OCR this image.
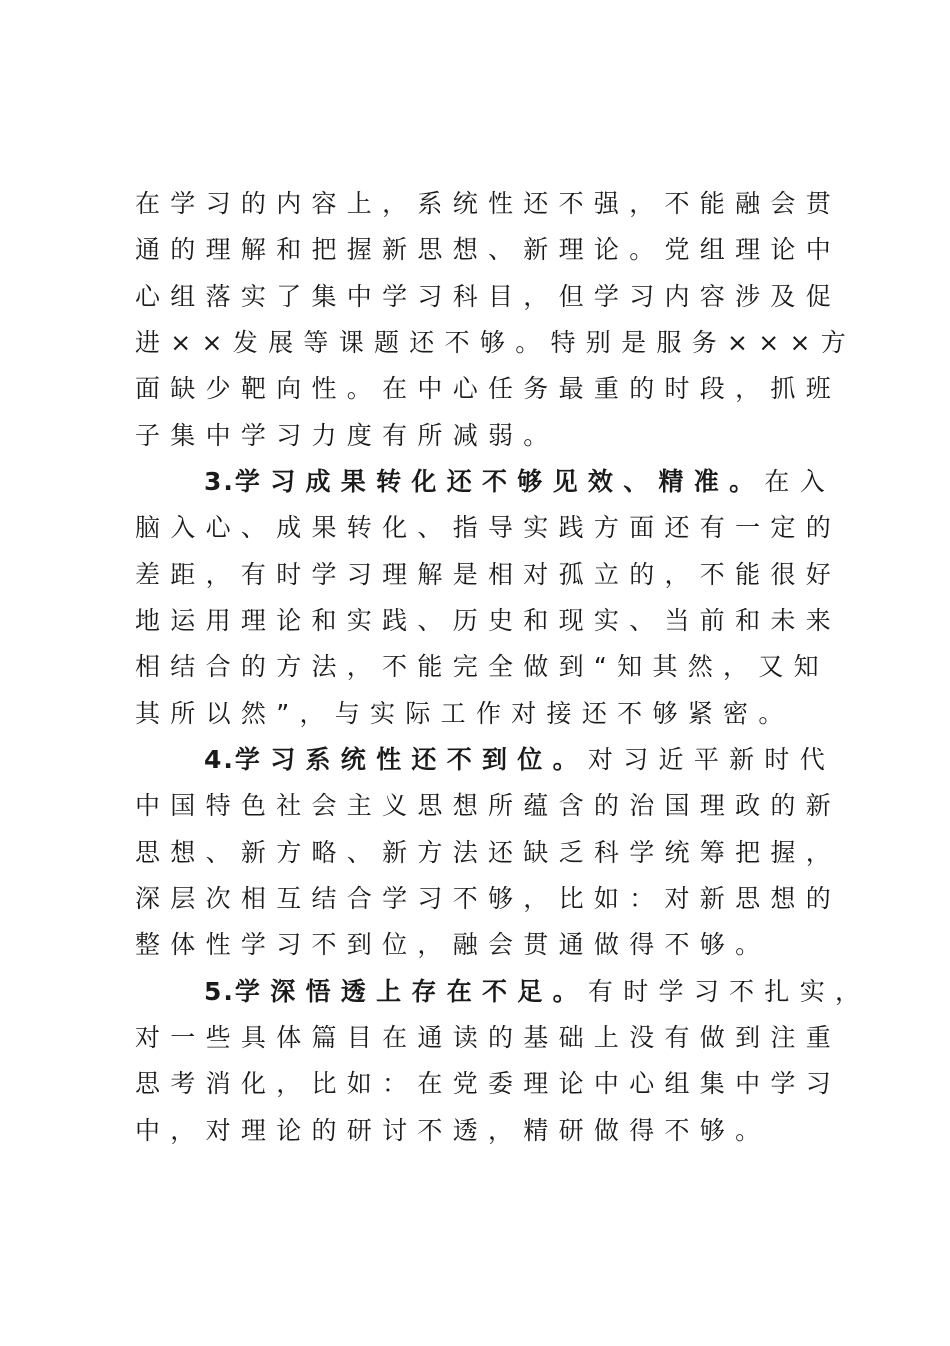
在学习的内容上，系统性还不强，不能融会贯
通的理解和把握新思想、新理论。党组理论中
心组落实了集中学习科目，但学习内容涉及促
进××发展等课题还不够。特别是服务×××方
面缺少靶向性。在中心任务最重的时段，抓班
子集中学习力度有所减弱。
3.学习成果转化还不够见效、精准。在入
脑入心、成果转化、指导实践方面还有一定的
差距，有时学习理解是相对孤立的，不能很好
地运用理论和实践、历史和现实、当前和未来
相结合的方法，不能完全做到“知其然，又知
其所以然”，与实际工作对接还不够紧密。
4.学习系统性还不到位。对习近平新时代
中国特色社会主义思想所蕴含的治国理政的新
思想、新方略、新方法还缺乏科学统筹把握，
深层次相互结合学习不够，比如：对新思想的
整体性学习不到位，融会贯通做得不够。
5.学深悟透上存在不足。有时学习不扎实，
对一些具体篇目在通读的基础上没有做到注重
思考消化，比如：在党委理论中心组集中学习
中，对理论的研讨不透，精研做得不够。
